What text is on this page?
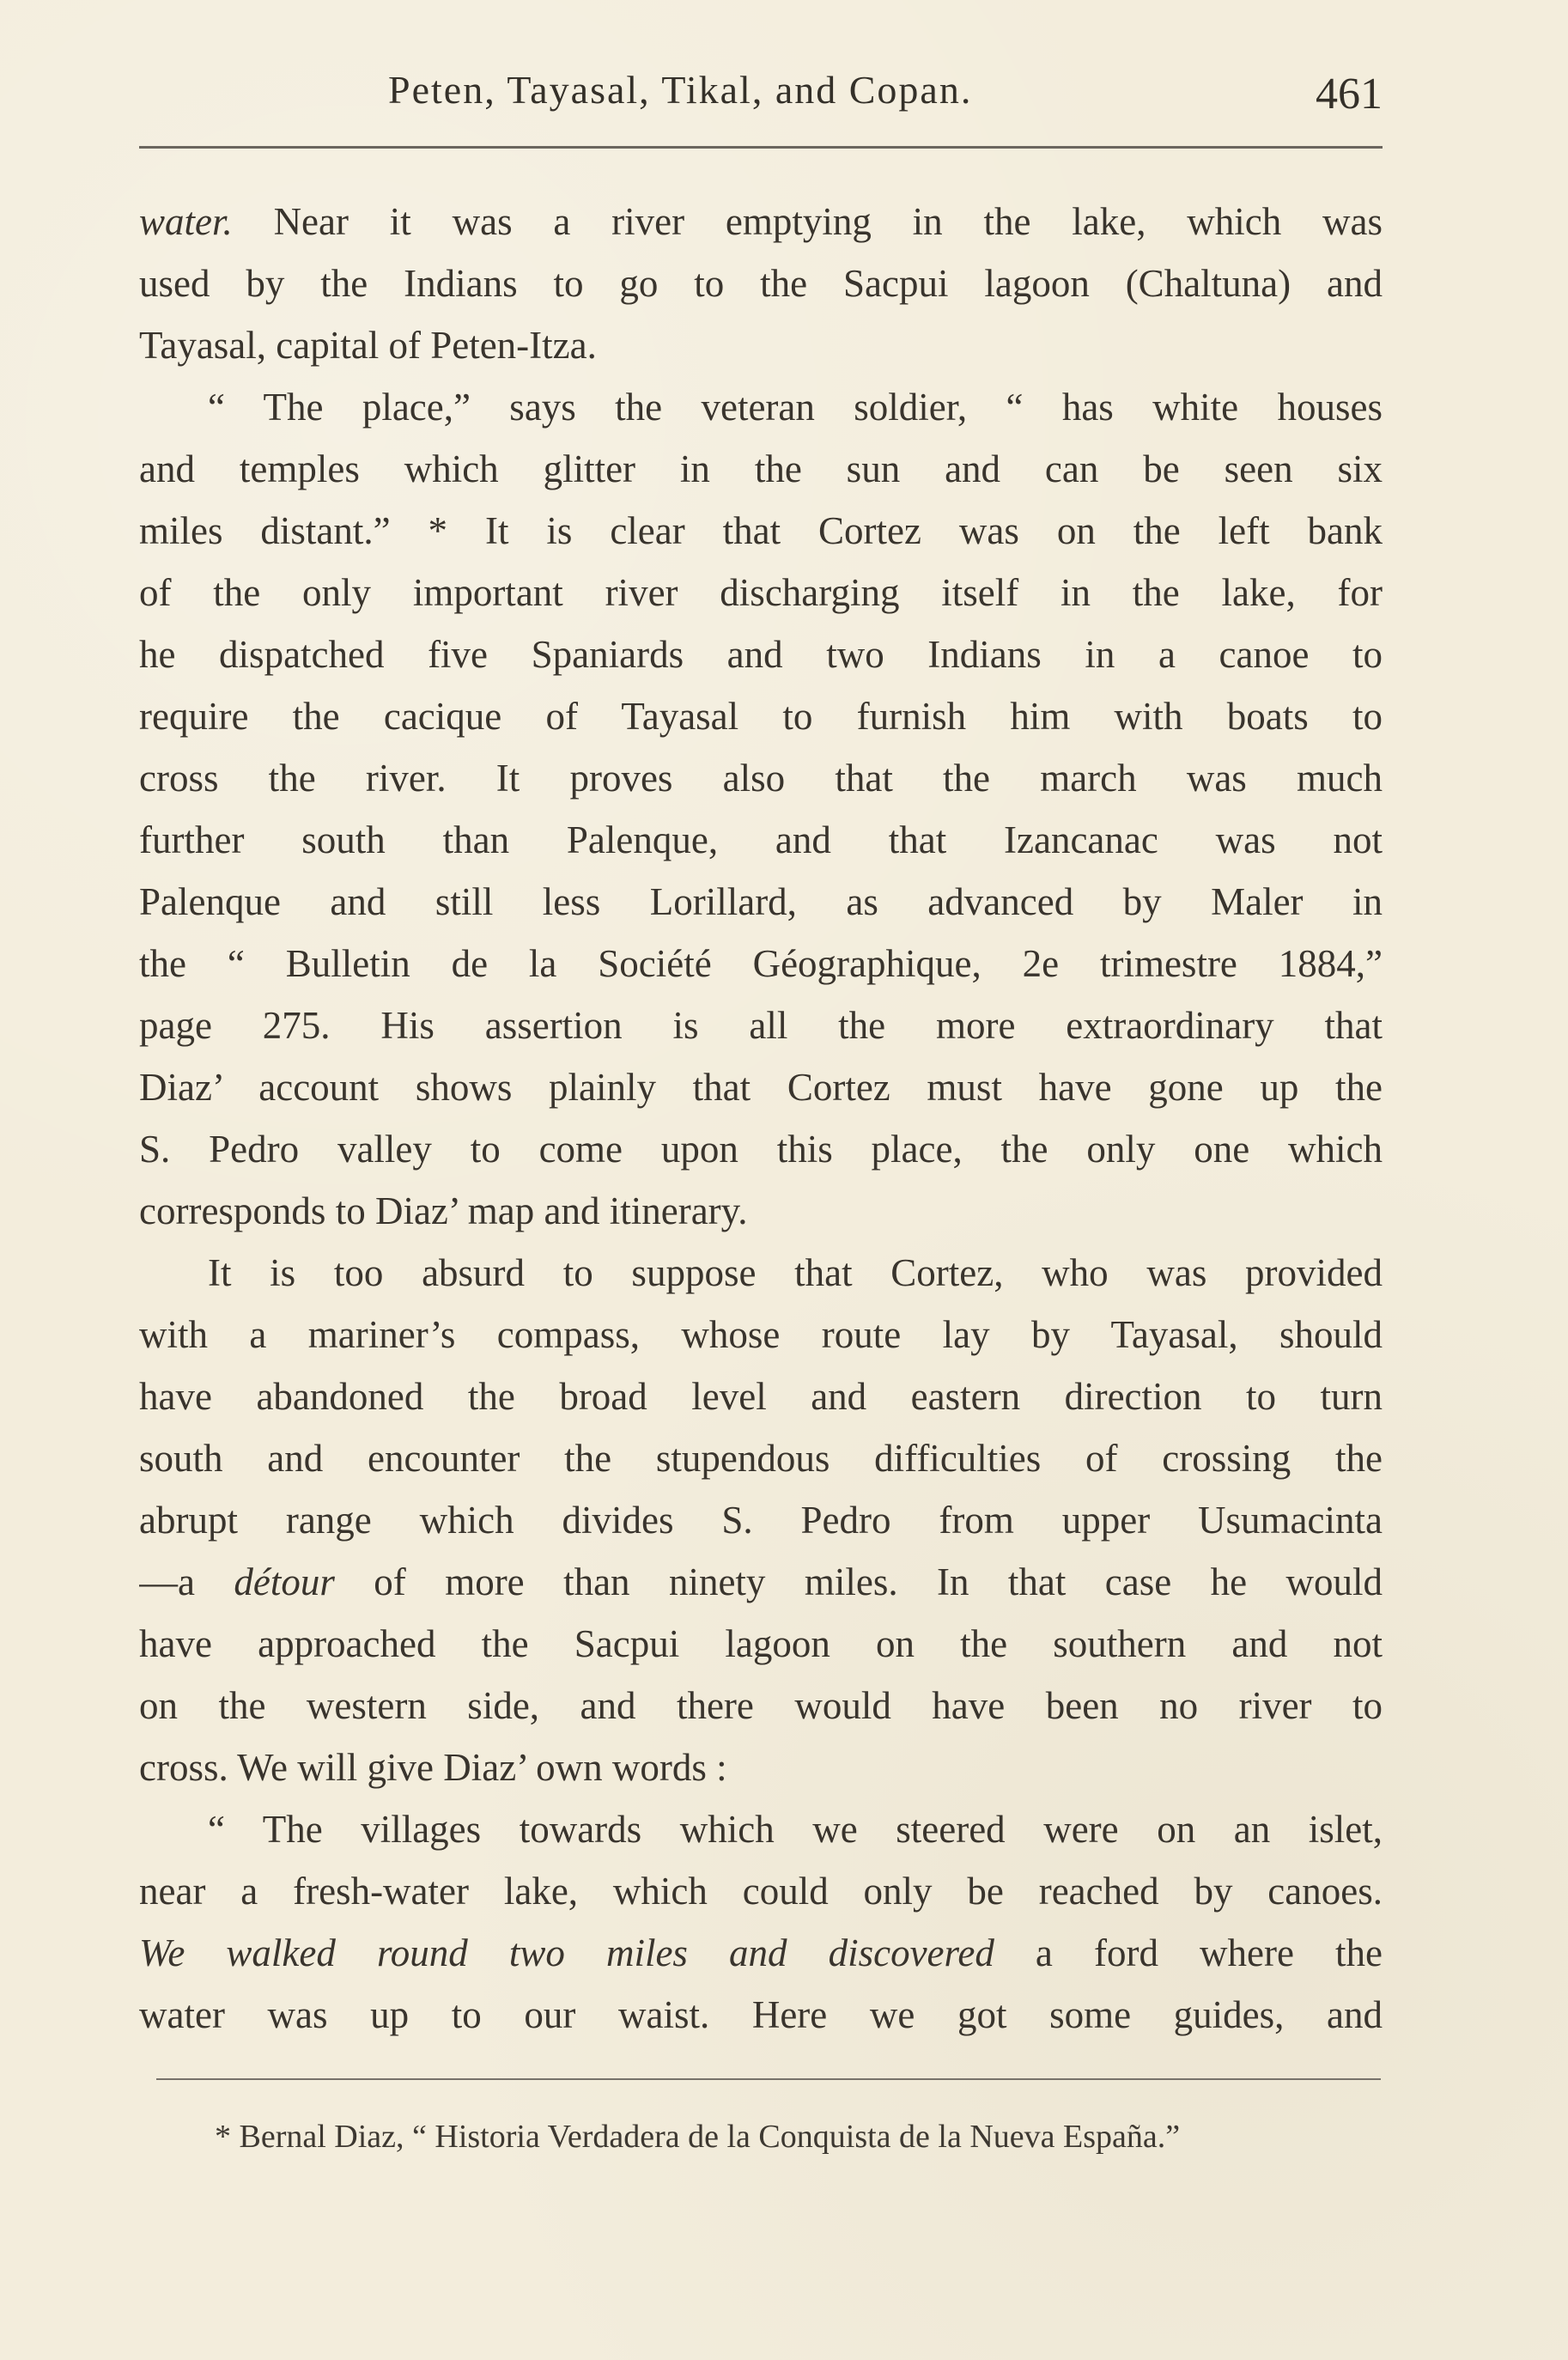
Peten, Tayasal, Tikal, and Copan.	461
water. Near it was a river emptying in the lake, which was
used by the Indians to go to the Sacpui lagoon (Chaltuna) and
Tayasal, capital of Peten-Itza.
“ The place,” says the veteran soldier, “ has white houses
and temples which glitter in the sun and can be seen six
miles distant.” * It is clear that Cortez was on the left bank
of the only important river discharging itself in the lake, for
he dispatched five Spaniards and two Indians in a canoe to
require the cacique of Tayasal to furnish him with boats to
cross the river. It proves also that the march was much
further south than Palenque, and that Izancanac was not
Palenque and still less Lorillard, as advanced by Maler in
the “ Bulletin de la Société Géographique, 2e trimestre 1884,”
page 275. His assertion is all the more extraordinary that
Diaz’ account shows plainly that Cortez must have gone up the
S. Pedro valley to come upon this place, the only one which
corresponds to Diaz’ map and itinerary.
It is too absurd to suppose that Cortez, who was provided
with a mariner’s compass, whose route lay by Tayasal, should
have abandoned the broad level and eastern direction to turn
south and encounter the stupendous difficulties of crossing the
abrupt range which divides S. Pedro from upper Usumacinta
—a détour of more than ninety miles. In that case he would
have approached the Sacpui lagoon on the southern and not
on the western side, and there would have been no river to
cross. We will give Diaz’ own words :
“ The villages towards which we steered were on an islet,
near a fresh-water lake, which could only be reached by canoes.
We walked round two miles and discovered a ford where the
water was up to our waist. Here we got some guides, and
* Bernal Diaz, “ Historia Verdadera de la Conquista de la Nueva España.”
